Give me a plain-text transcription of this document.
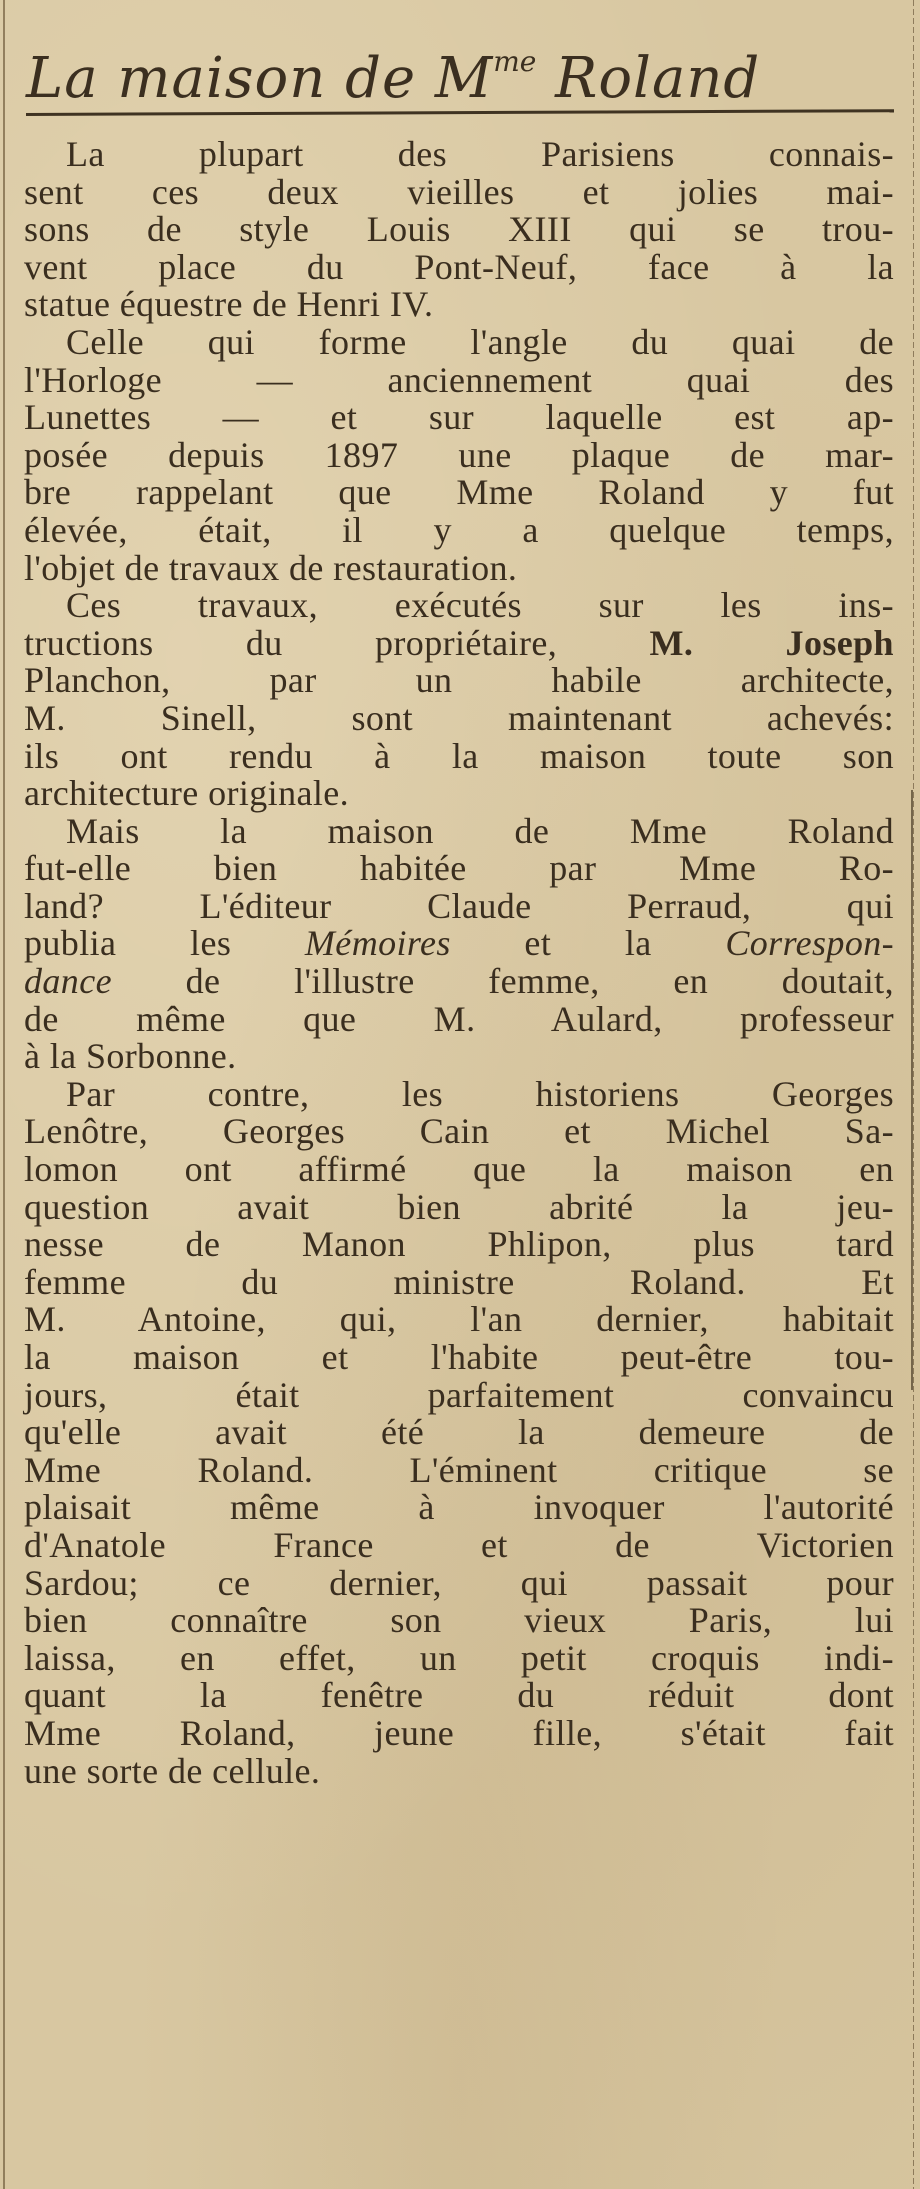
La maison de $M^{me}$ Roland
La plupart des Parisiens connais-
sent ces deux vieilles et jolies mai-
sons de style Louis XIII qui se trou-
vent place du Pont-Neuf, face à la
statue équestre de Henri IV.
Celle qui forme l'angle du quai de
l'Horloge — anciennement quai des
Lunettes — et sur laquelle est ap-
posée depuis 1897 une plaque de mar-
bre rappelant que Mme Roland y fut
élevée, était, il y a quelque temps,
l'objet de travaux de restauration.
Ces travaux, exécutés sur les ins-
tructions du propriétaire, M. Joseph
Planchon, par un habile architecte,
M. Sinell, sont maintenant achevés:
ils ont rendu à la maison toute son
architecture originale.
Mais la maison de Mme Roland
fut-elle bien habitée par Mme Ro-
land? L'éditeur Claude Perraud, qui
publia les Mémoires et la Correspon-
dance de l'illustre femme, en doutait,
de même que M. Aulard, professeur
à la Sorbonne.
Par contre, les historiens Georges
Lenôtre, Georges Cain et Michel Sa-
lomon ont affirmé que la maison en
question avait bien abrité la jeu-
nesse de Manon Phlipon, plus tard
femme du ministre Roland. Et
M. Antoine, qui, l'an dernier, habitait
la maison et l'habite peut-être tou-
jours, était parfaitement convaincu
qu'elle avait été la demeure de
Mme Roland. L'éminent critique se
plaisait même à invoquer l'autorité
d'Anatole France et de Victorien
Sardou; ce dernier, qui passait pour
bien connaître son vieux Paris, lui
laissa, en effet, un petit croquis indi-
quant la fenêtre du réduit dont
Mme Roland, jeune fille, s'était fait
une sorte de cellule.
